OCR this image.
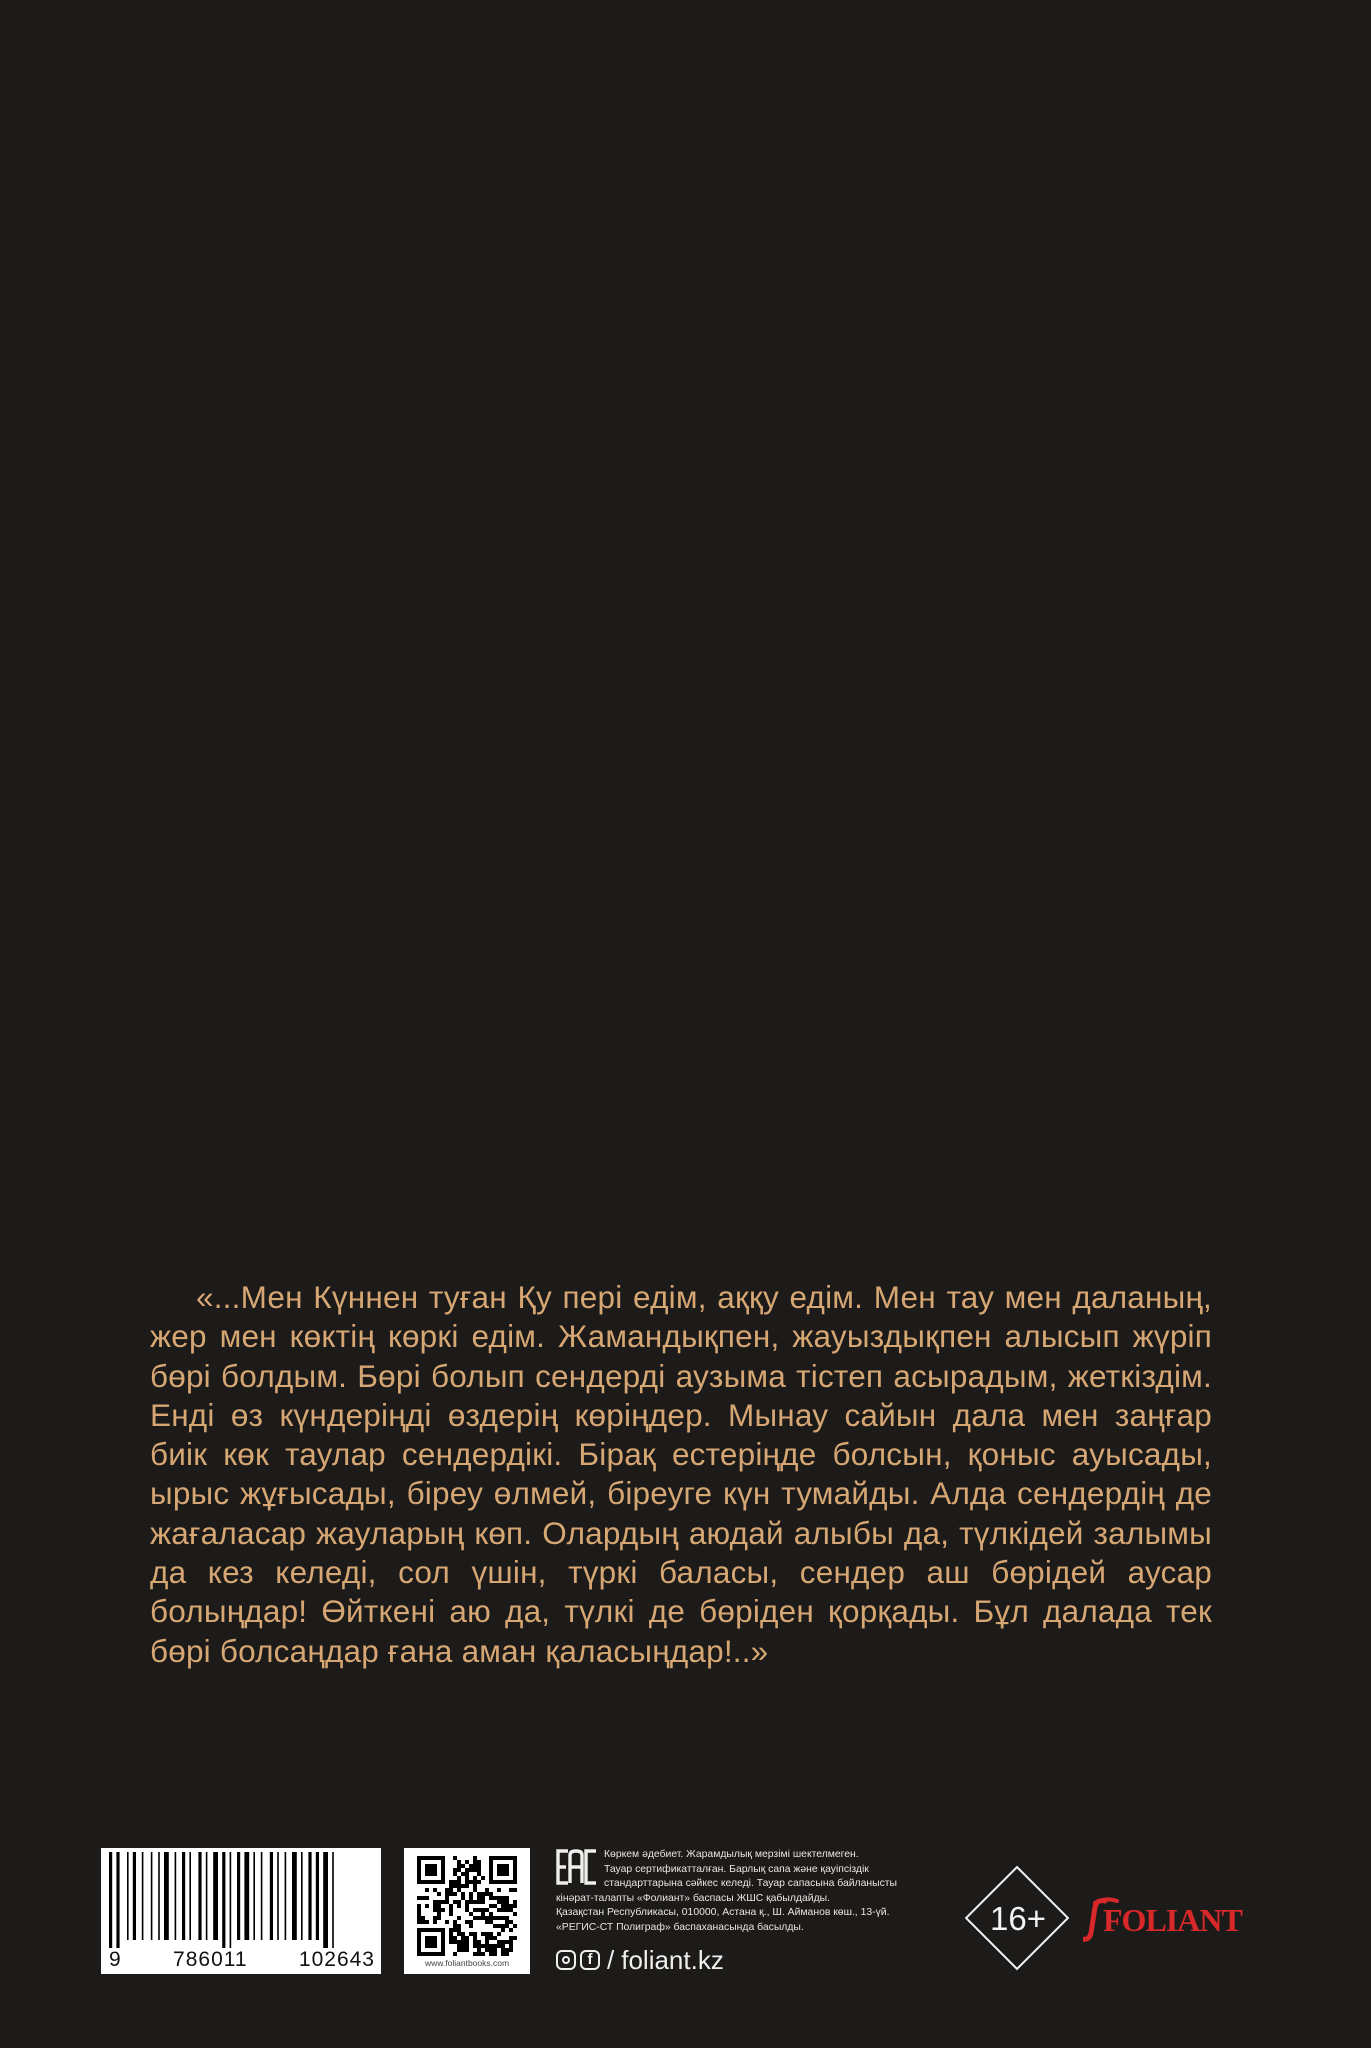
«...Мен Күннен туған Қу пері едім, аққу едім. Мен тау мен даланың, жер мен көктің көркі едім. Жамандықпен, жауыздықпен алысып жүріп бөрі болдым. Бөрі болып сендерді аузыма тістеп асырадым, жеткіздім. Енді өз күндеріңді өздерің көріңдер. Мынау сайын дала мен заңғар биік көк таулар сендердікі. Бірақ естеріңде болсын, қоныс ауысады, ырыс жұғысады, біреу өлмей, біреуге күн тумайды. Алда сендердің де жағаласар жауларың көп. Олардың аюдай алыбы да, түлкідей залымы да кез келеді, сол үшін, түркі баласы, сендер аш бөрідей аусар болыңдар! Өйткені аю да, түлкі де бөріден қорқады. Бұл далада тек бөрі болсаңдар ғана аман қаласыңдар!..»

9 786011 102643	www.foliantbooks.com
Көркем әдебиет. Жарамдылық мерзімі шектелмеген.
Тауар сертификатталған. Барлық сапа және қауіпсіздік
стандарттарына сәйкес келеді. Тауар сапасына байланысты
кінәрат-талапты «Фолиант» баспасы ЖШС қабылдайды.
Қазақстан Республикасы, 010000, Астана қ., Ш. Айманов көш., 13-үй.
«РЕГИС-СТ Полиграф» баспаханасында басылды.
f / foliant.kz
16+	FOLIANT
